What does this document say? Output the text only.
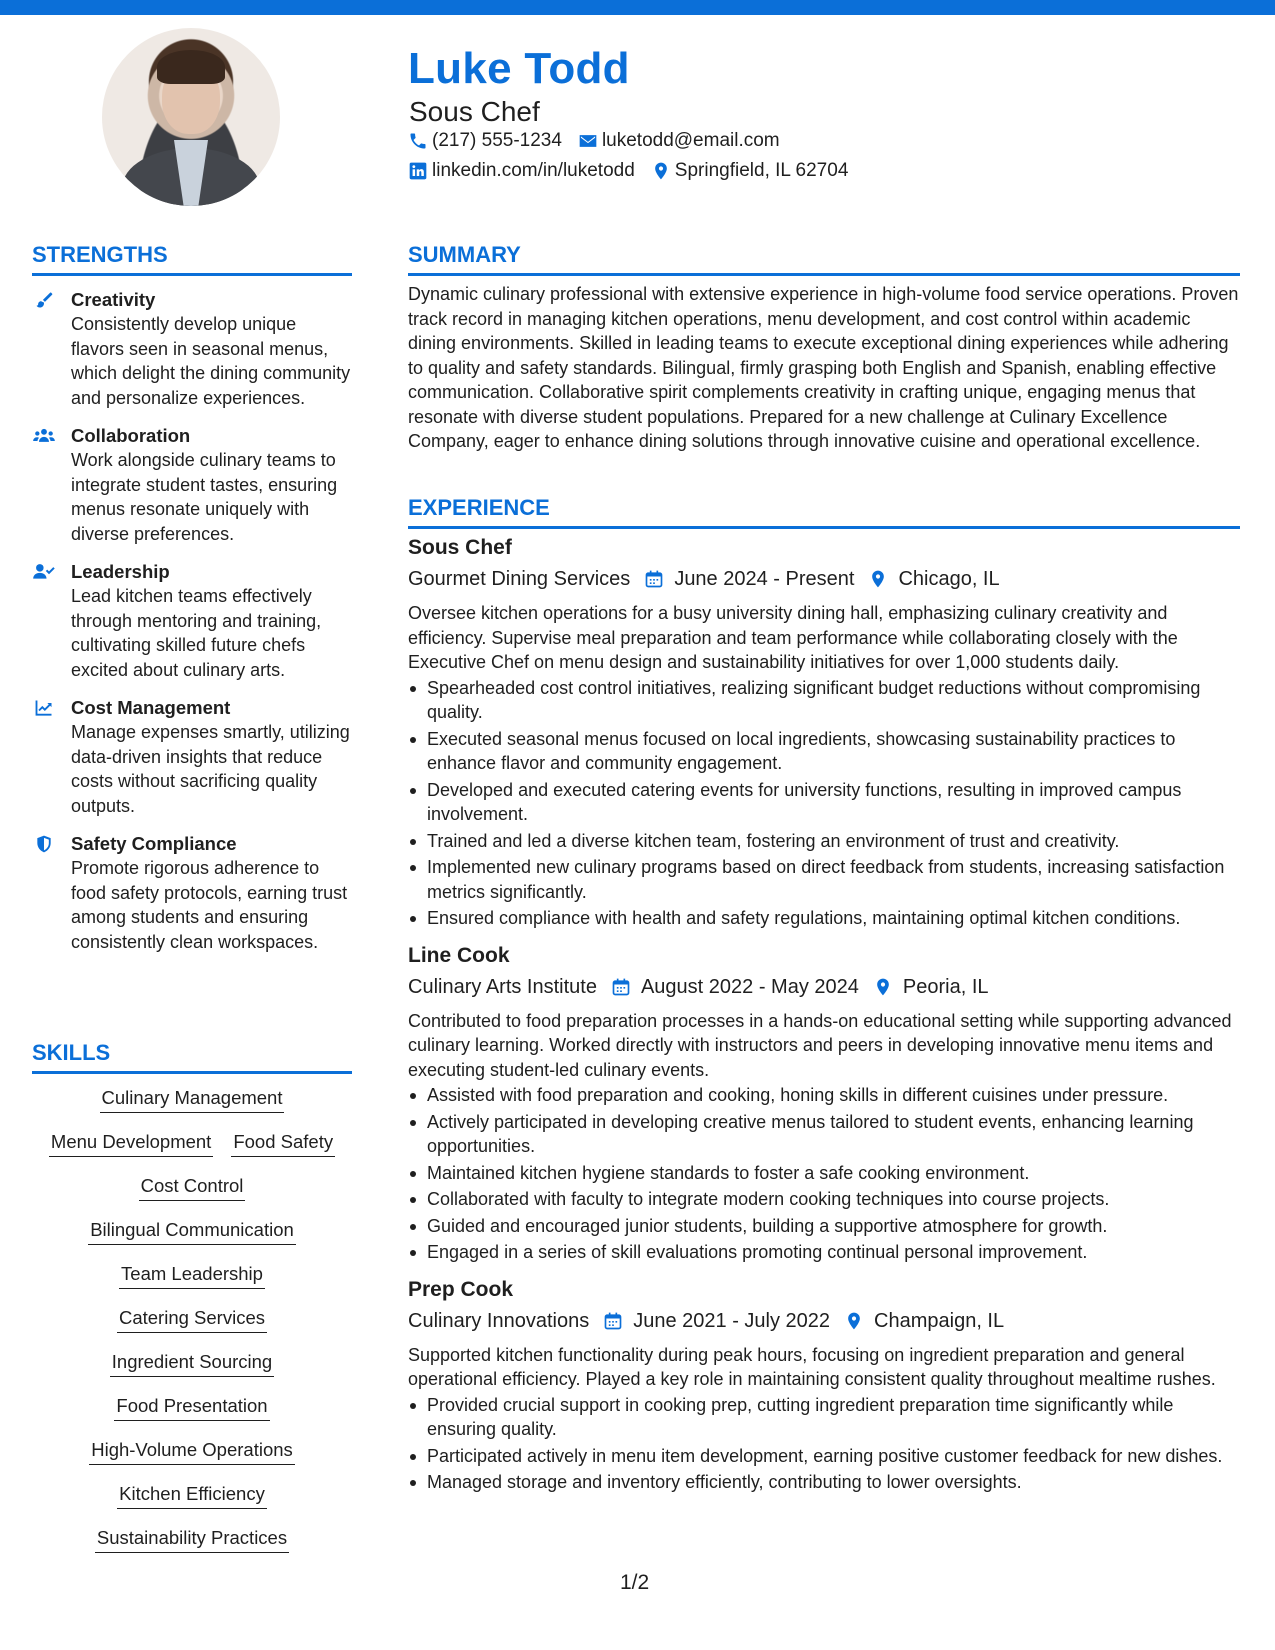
Luke Todd
Sous Chef
(217) 555-1234 luketodd@email.com
linkedin.com/in/luketodd Springfield, IL 62704
STRENGTHS
Creativity
Consistently develop unique flavors seen in seasonal menus, which delight the dining community and personalize experiences.
Collaboration
Work alongside culinary teams to integrate student tastes, ensuring menus resonate uniquely with diverse preferences.
Leadership
Lead kitchen teams effectively through mentoring and training, cultivating skilled future chefs excited about culinary arts.
Cost Management
Manage expenses smartly, utilizing data-driven insights that reduce costs without sacrificing quality outputs.
Safety Compliance
Promote rigorous adherence to food safety protocols, earning trust among students and ensuring consistently clean workspaces.
SKILLS
Culinary Management
Menu Development Food Safety
Cost Control
Bilingual Communication
Team Leadership
Catering Services
Ingredient Sourcing
Food Presentation
High-Volume Operations
Kitchen Efficiency
Sustainability Practices
SUMMARY
Dynamic culinary professional with extensive experience in high-volume food service operations. Proven track record in managing kitchen operations, menu development, and cost control within academic dining environments. Skilled in leading teams to execute exceptional dining experiences while adhering to quality and safety standards. Bilingual, firmly grasping both English and Spanish, enabling effective communication. Collaborative spirit complements creativity in crafting unique, engaging menus that resonate with diverse student populations. Prepared for a new challenge at Culinary Excellence Company, eager to enhance dining solutions through innovative cuisine and operational excellence.
EXPERIENCE
Sous Chef
Gourmet Dining Services June 2024 - Present Chicago, IL
Oversee kitchen operations for a busy university dining hall, emphasizing culinary creativity and efficiency. Supervise meal preparation and team performance while collaborating closely with the Executive Chef on menu design and sustainability initiatives for over 1,000 students daily.
Spearheaded cost control initiatives, realizing significant budget reductions without compromising quality.
Executed seasonal menus focused on local ingredients, showcasing sustainability practices to enhance flavor and community engagement.
Developed and executed catering events for university functions, resulting in improved campus involvement.
Trained and led a diverse kitchen team, fostering an environment of trust and creativity.
Implemented new culinary programs based on direct feedback from students, increasing satisfaction metrics significantly.
Ensured compliance with health and safety regulations, maintaining optimal kitchen conditions.
Line Cook
Culinary Arts Institute August 2022 - May 2024 Peoria, IL
Contributed to food preparation processes in a hands-on educational setting while supporting advanced culinary learning. Worked directly with instructors and peers in developing innovative menu items and executing student-led culinary events.
Assisted with food preparation and cooking, honing skills in different cuisines under pressure.
Actively participated in developing creative menus tailored to student events, enhancing learning opportunities.
Maintained kitchen hygiene standards to foster a safe cooking environment.
Collaborated with faculty to integrate modern cooking techniques into course projects.
Guided and encouraged junior students, building a supportive atmosphere for growth.
Engaged in a series of skill evaluations promoting continual personal improvement.
Prep Cook
Culinary Innovations June 2021 - July 2022 Champaign, IL
Supported kitchen functionality during peak hours, focusing on ingredient preparation and general operational efficiency. Played a key role in maintaining consistent quality throughout mealtime rushes.
Provided crucial support in cooking prep, cutting ingredient preparation time significantly while ensuring quality.
Participated actively in menu item development, earning positive customer feedback for new dishes.
Managed storage and inventory efficiently, contributing to lower oversights.
1/2
